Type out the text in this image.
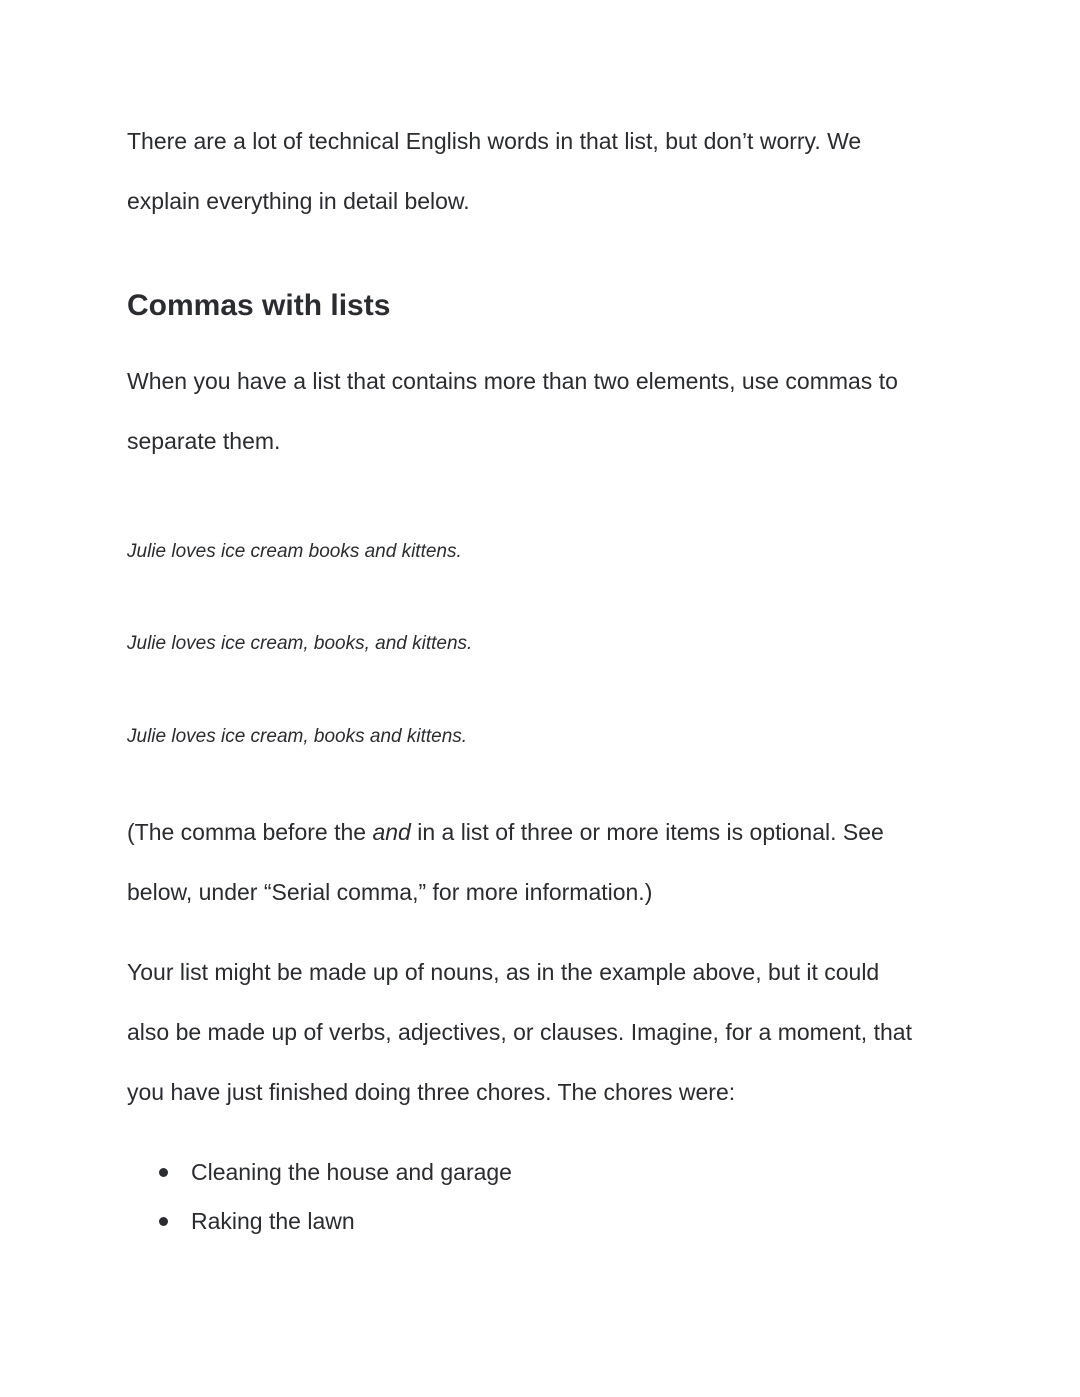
There are a lot of technical English words in that list, but don’t worry. We
explain everything in detail below.

Commas with lists

When you have a list that contains more than two elements, use commas to
separate them.

Julie loves ice cream books and kittens.

Julie loves ice cream, books, and kittens.

Julie loves ice cream, books and kittens.

(The comma before the and in a list of three or more items is optional. See
below, under “Serial comma,” for more information.)

Your list might be made up of nouns, as in the example above, but it could
also be made up of verbs, adjectives, or clauses. Imagine, for a moment, that
you have just finished doing three chores. The chores were:

Cleaning the house and garage
Raking the lawn
